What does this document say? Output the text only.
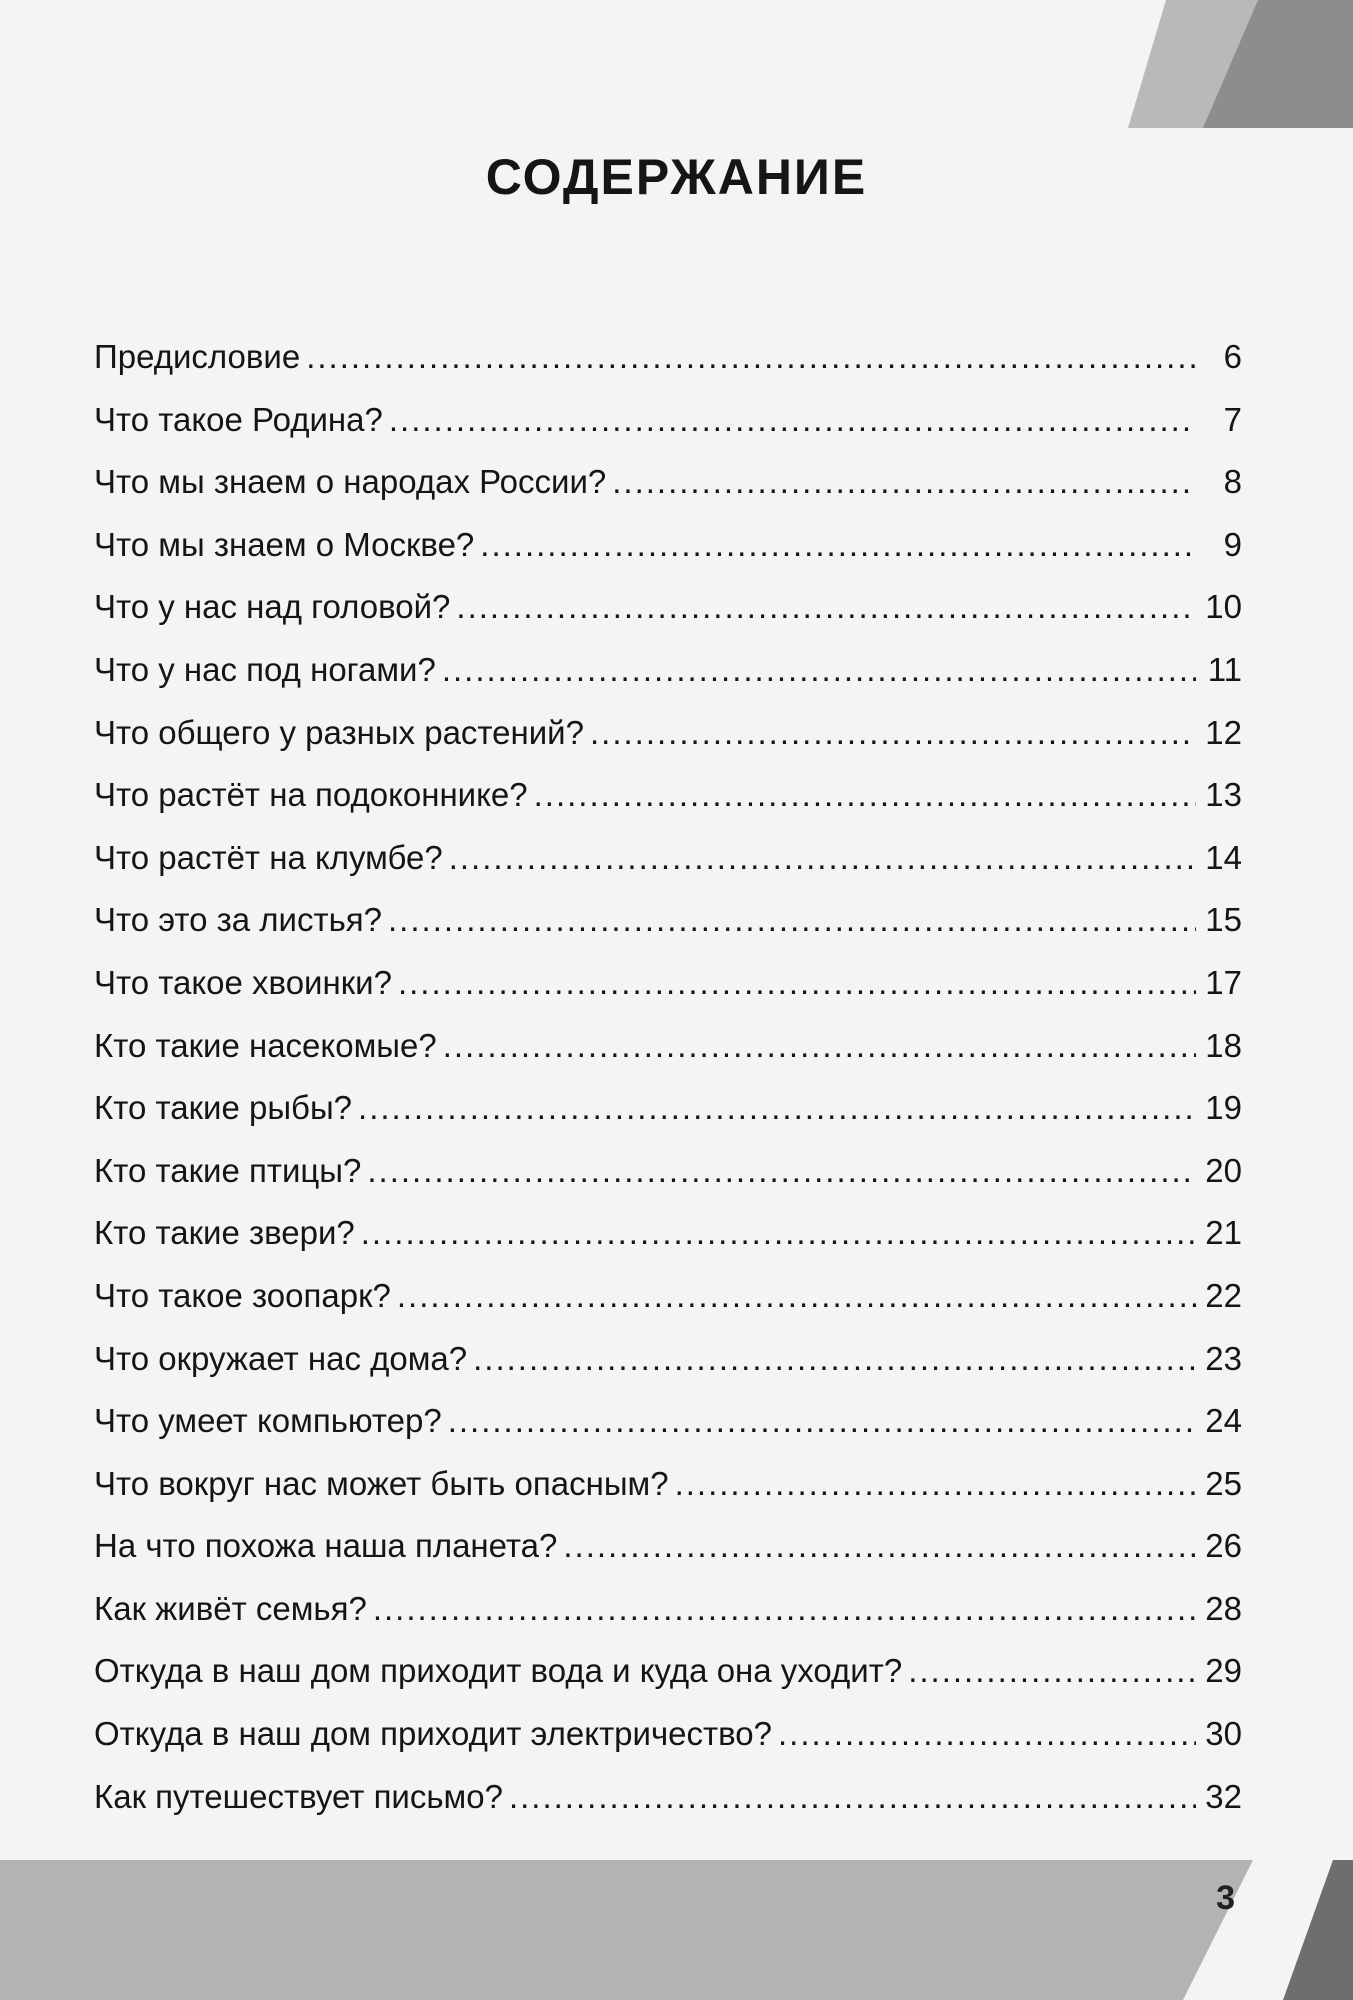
СОДЕРЖАНИЕ
Предисловие .....	6
Что такое Родина? .....	7
Что мы знаем о народах России? .....	8
Что мы знаем о Москве? .....	9
Что у нас над головой? .....	10
Что у нас под ногами? .....	11
Что общего у разных растений? .....	12
Что растёт на подоконнике? .....	13
Что растёт на клумбе? .....	14
Что это за листья? .....	15
Что такое хвоинки? .....	17
Кто такие насекомые? .....	18
Кто такие рыбы? .....	19
Кто такие птицы? .....	20
Кто такие звери? .....	21
Что такое зоопарк? .....	22
Что окружает нас дома? .....	23
Что умеет компьютер? .....	24
Что вокруг нас может быть опасным? .....	25
На что похожа наша планета? .....	26
Как живёт семья? .....	28
Откуда в наш дом приходит вода и куда она уходит? .....	29
Откуда в наш дом приходит электричество? .....	30
Как путешествует письмо? .....	32
3
